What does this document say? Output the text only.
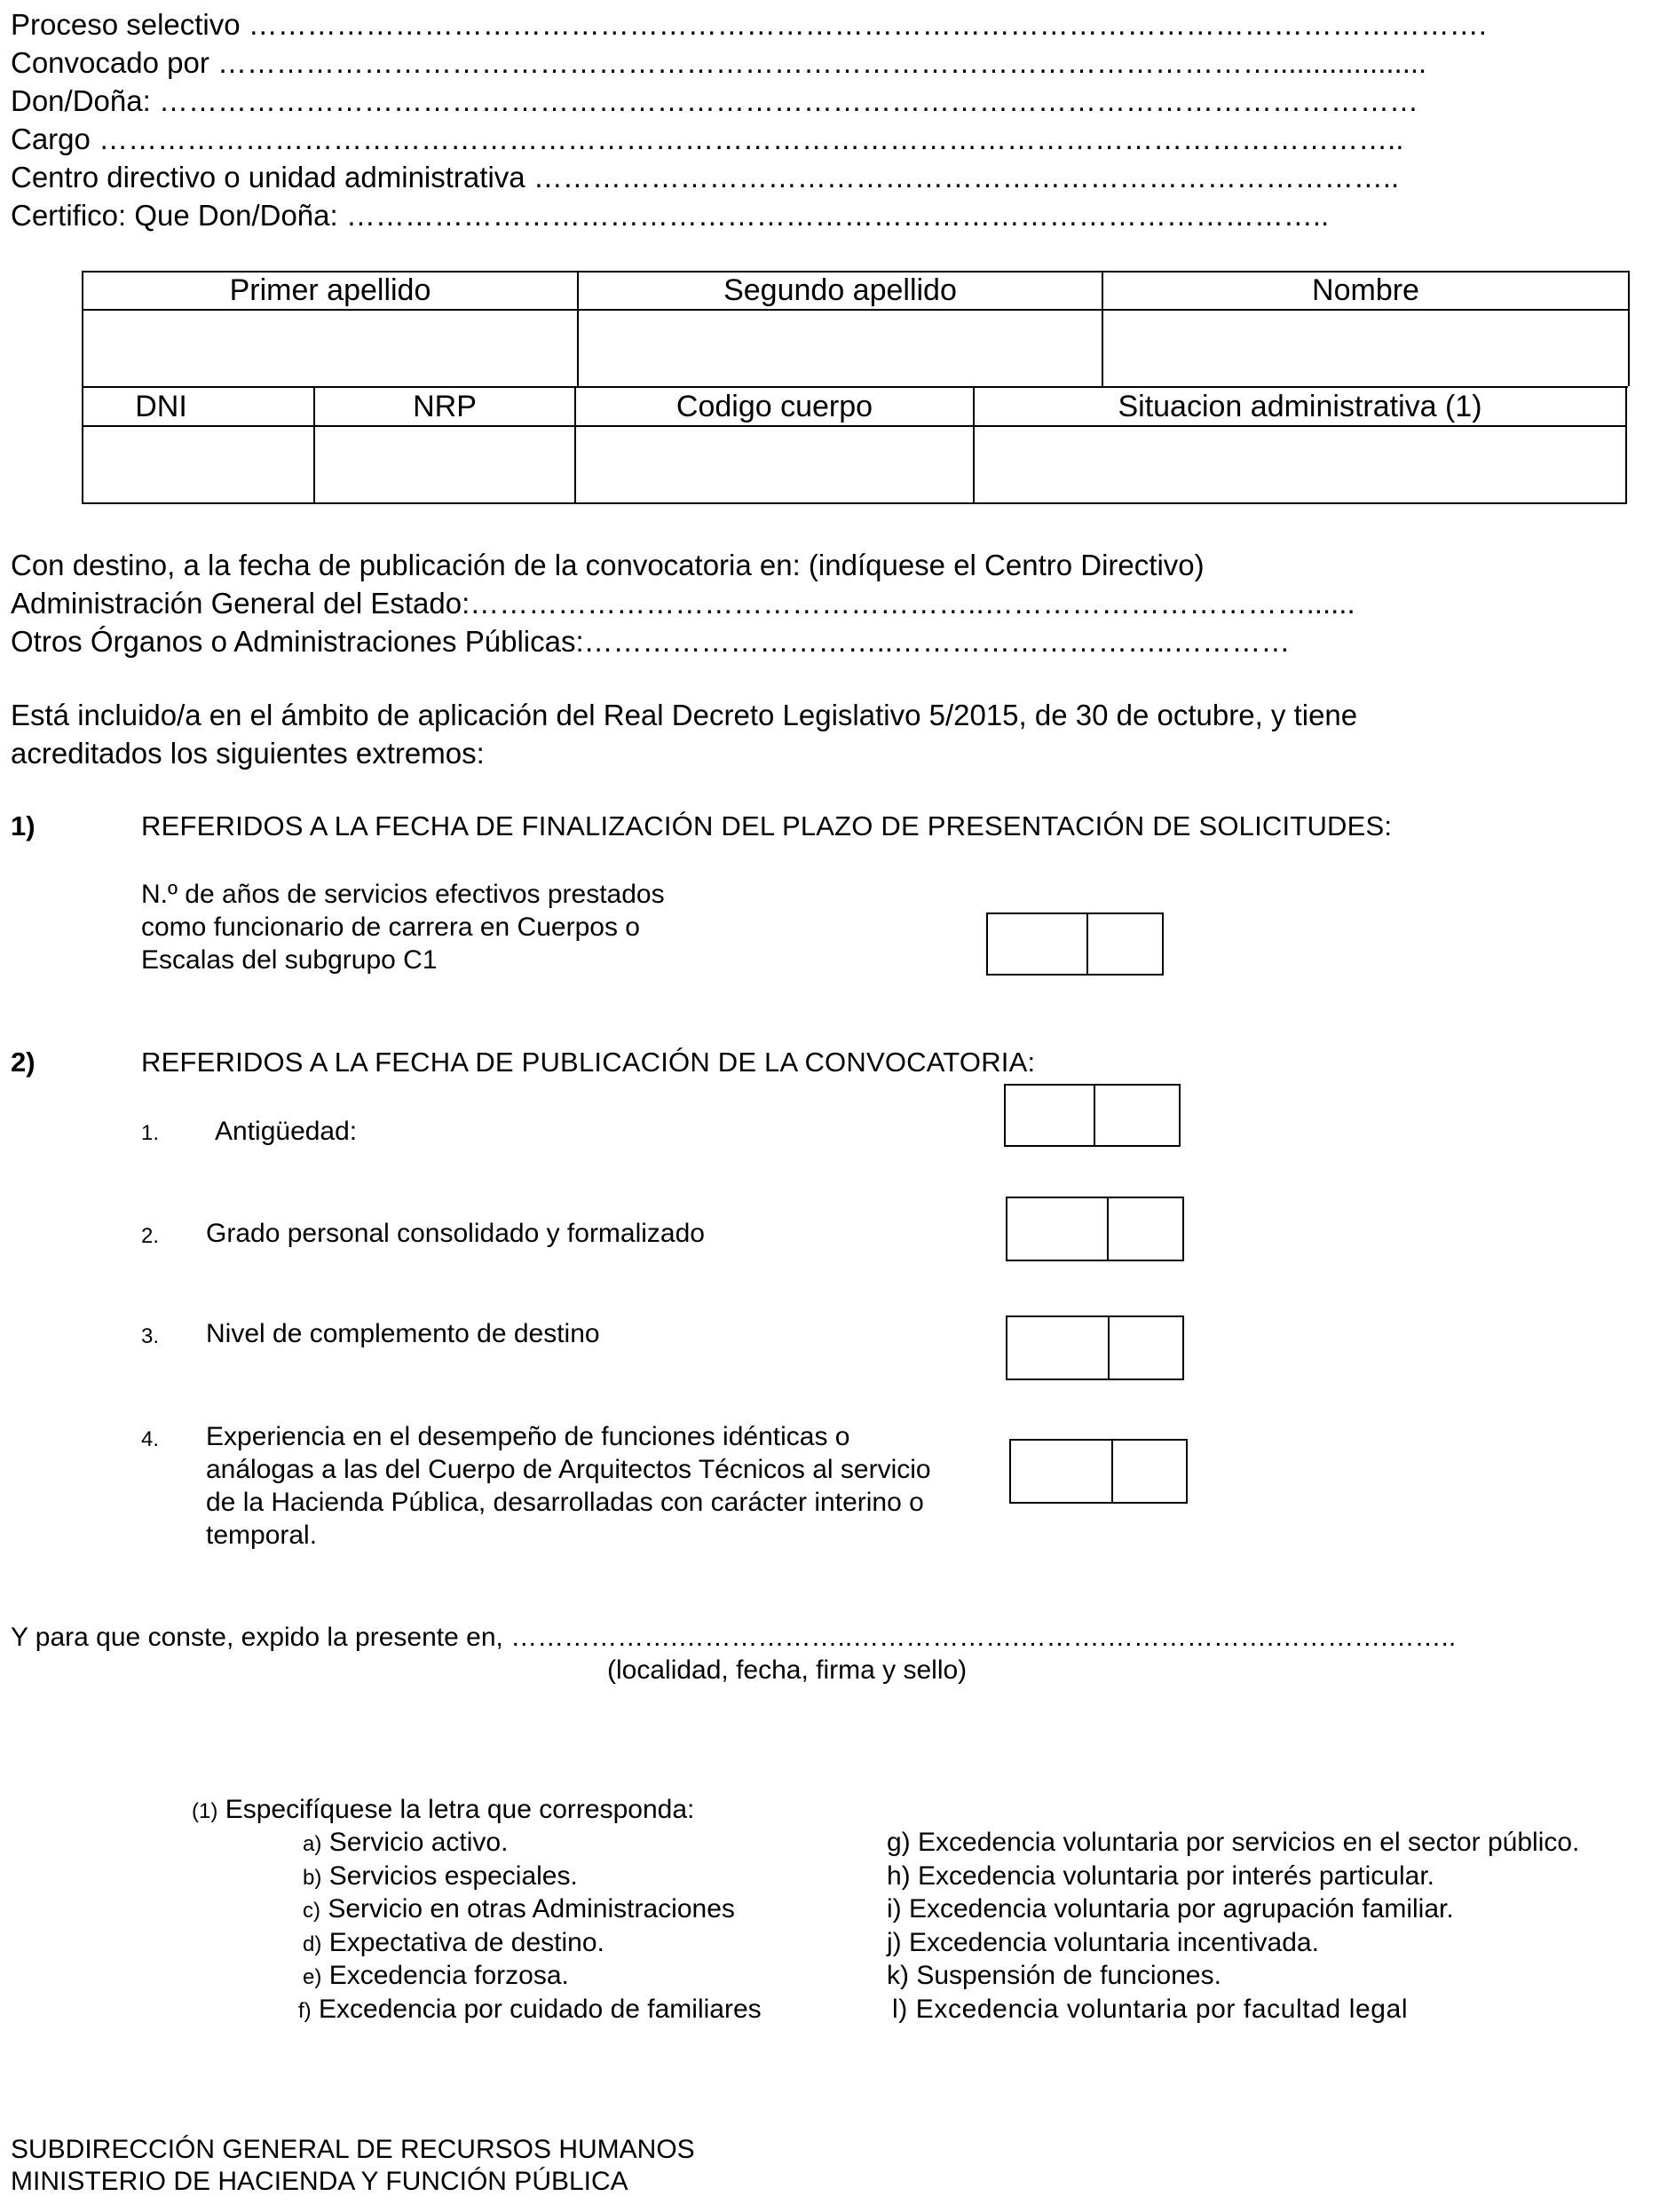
Proceso selectivo ……………………………………………………………………………………………………………….
Convocado por ………………………………………………………………………………………………...................
Don/Doña: …………………………………………………………………………………………………………………
Cargo ……………………………………………………………………………………………………………………..
Centro directivo o unidad administrativa ……………………………………………………………………………..
Certifico: Que Don/Doña: ………………………………………………………………………………………..
Primer apellido	Segundo apellido	Nombre
DNI	NRP	Codigo cuerpo	Situacion administrativa (1)
Con destino, a la fecha de publicación de la convocatoria en: (indíquese el Centro Directivo)
Administración General del Estado:……………………………………………..……………………………......
Otros Órganos o Administraciones Públicas:…………………………..………………………..…………
Está incluido/a en el ámbito de aplicación del Real Decreto Legislativo 5/2015, de 30 de octubre, y tiene
acreditados los siguientes extremos:
1)	REFERIDOS A LA FECHA DE FINALIZACIÓN DEL PLAZO DE PRESENTACIÓN DE SOLICITUDES:
N.º de años de servicios efectivos prestados
como funcionario de carrera en Cuerpos o
Escalas del subgrupo C1
2)	REFERIDOS A LA FECHA DE PUBLICACIÓN DE LA CONVOCATORIA:
1. Antigüedad:
2. Grado personal consolidado y formalizado
3. Nivel de complemento de destino
4. Experiencia en el desempeño de funciones idénticas o
análogas a las del Cuerpo de Arquitectos Técnicos al servicio
de la Hacienda Pública, desarrolladas con carácter interino o
temporal.
Y para que conste, expido la presente en, ……………….………………..……………….……….……………….………….……..
(localidad, fecha, firma y sello)
(1) Especifíquese la letra que corresponda:
a) Servicio activo.
b) Servicios especiales.
c) Servicio en otras Administraciones
d) Expectativa de destino.
e) Excedencia forzosa.
f) Excedencia por cuidado de familiares
g) Excedencia voluntaria por servicios en el sector público.
h) Excedencia voluntaria por interés particular.
i) Excedencia voluntaria por agrupación familiar.
j) Excedencia voluntaria incentivada.
k) Suspensión de funciones.
l) Excedencia voluntaria por facultad legal
SUBDIRECCIÓN GENERAL DE RECURSOS HUMANOS
MINISTERIO DE HACIENDA Y FUNCIÓN PÚBLICA
